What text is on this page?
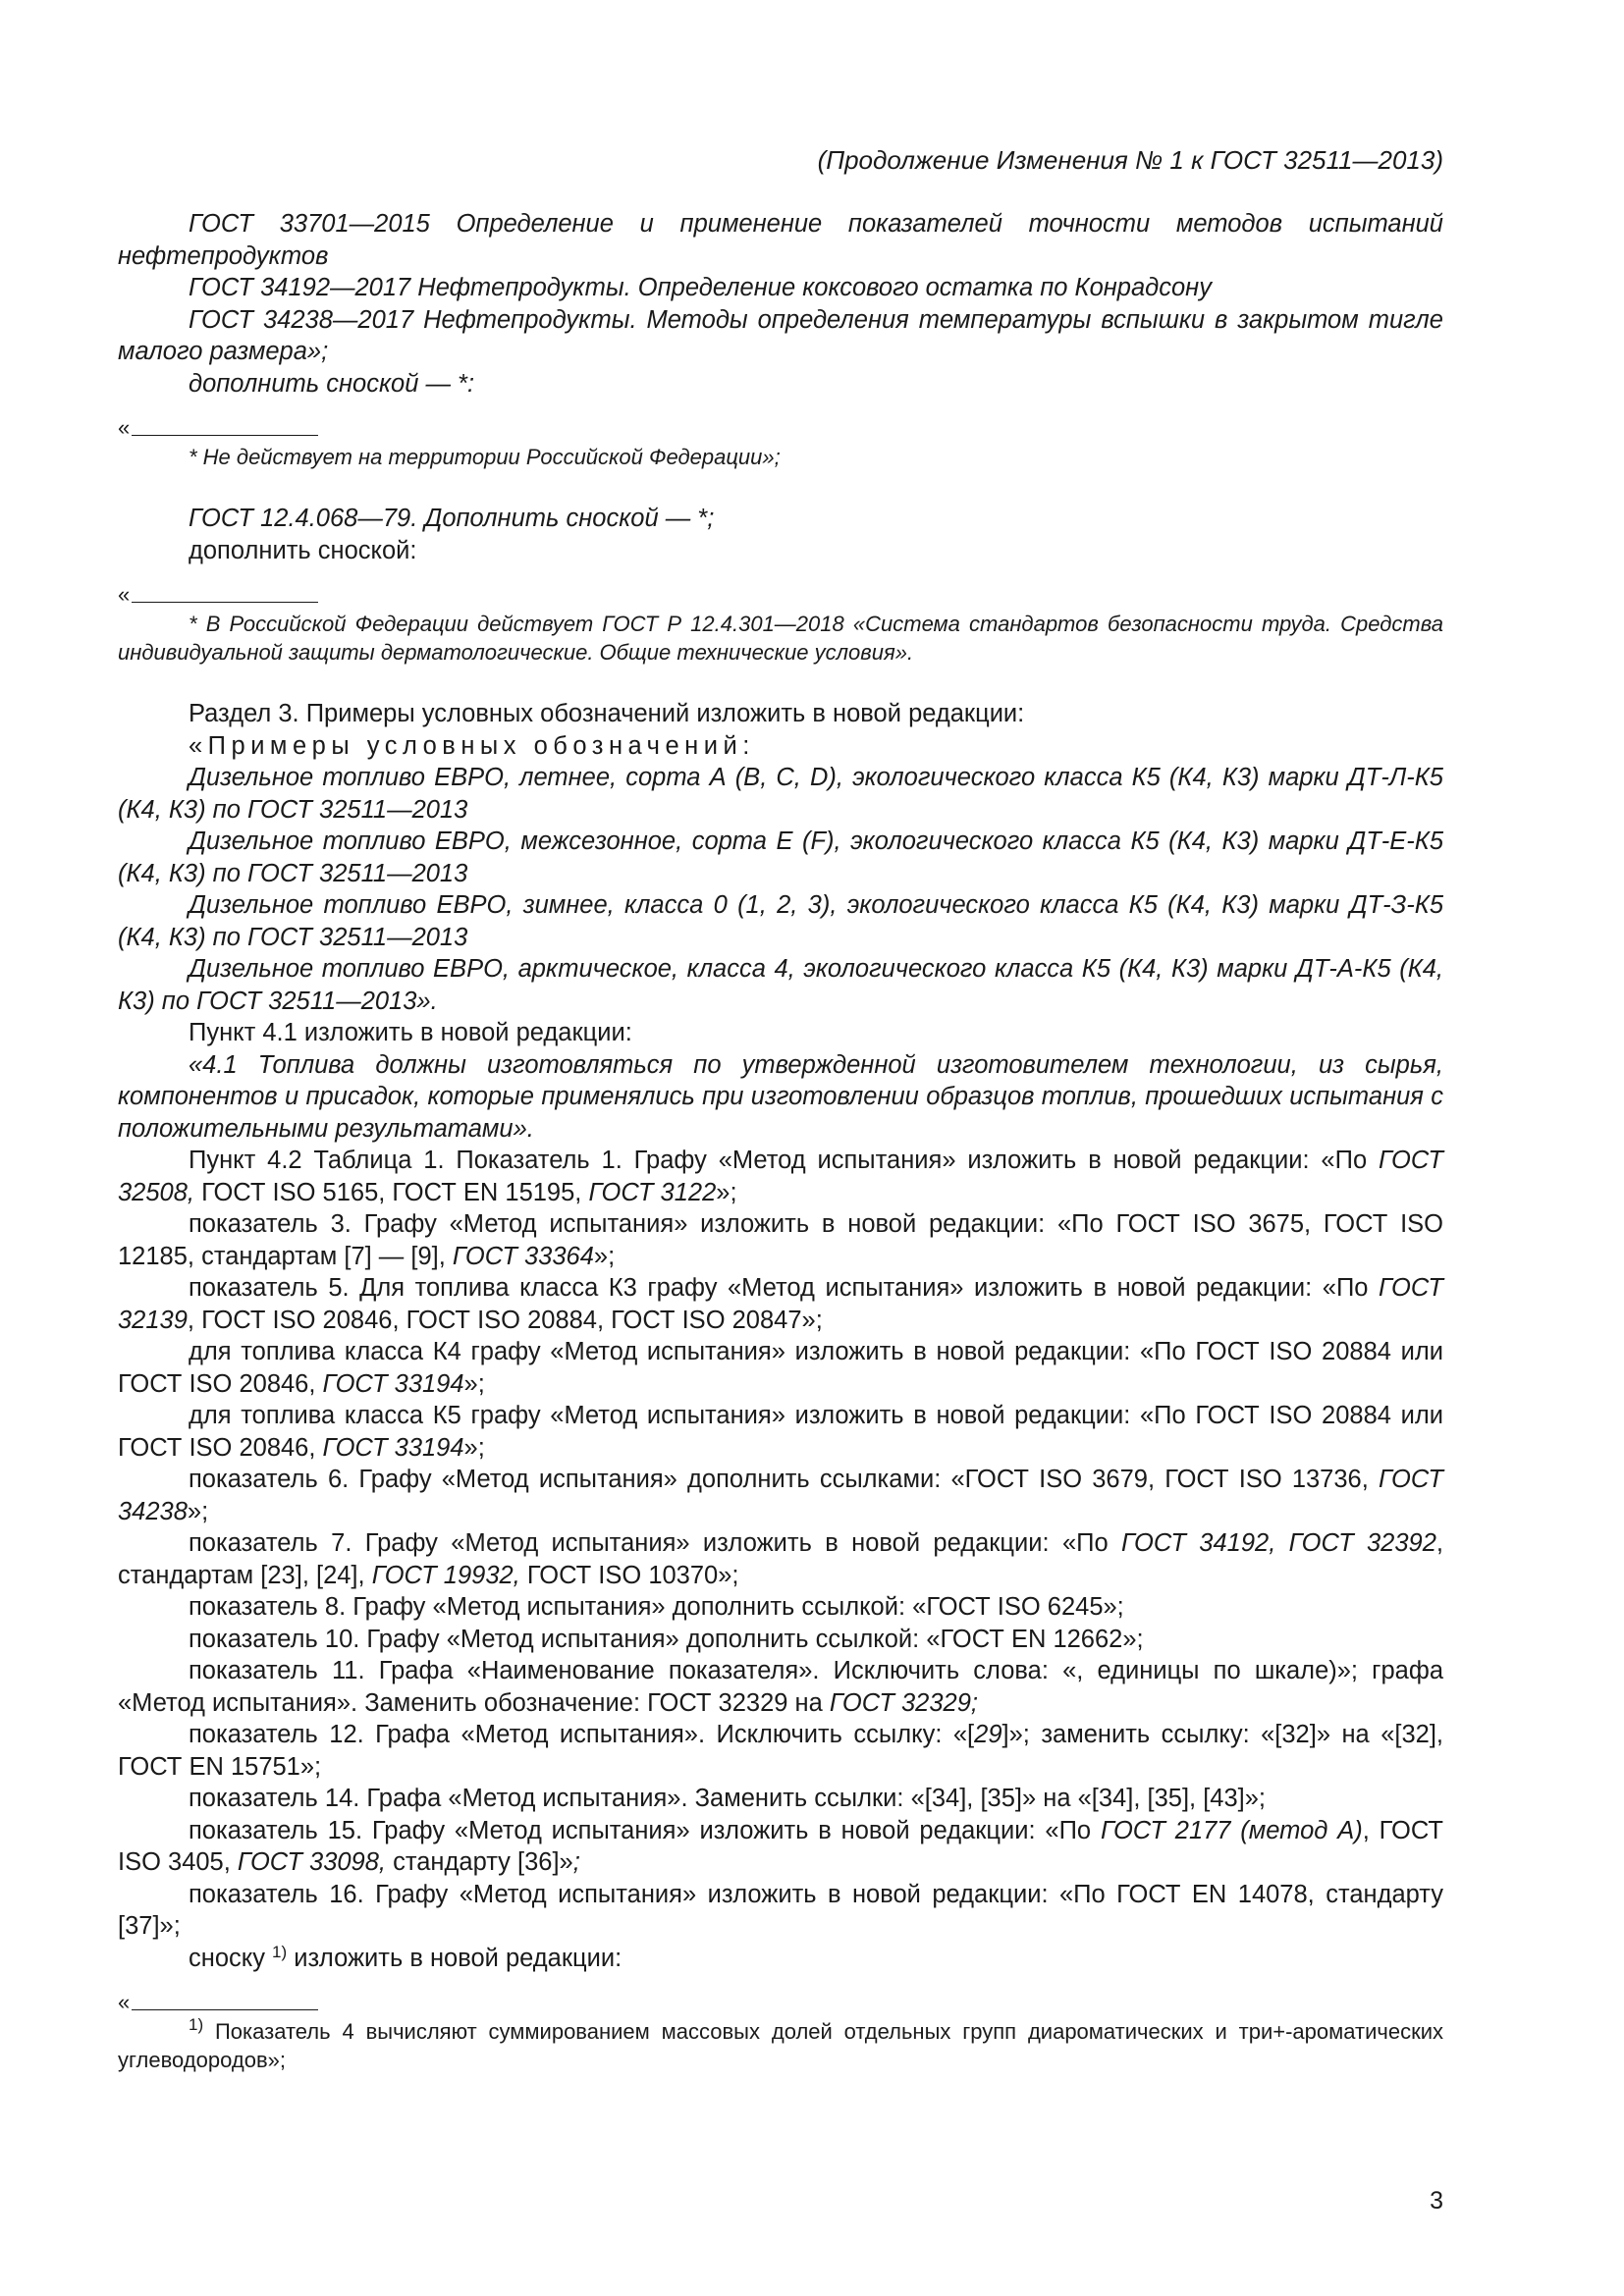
(Продолжение Изменения № 1 к ГОСТ 32511—2013)

ГОСТ 33701—2015 Определение и применение показателей точности методов испытаний нефтепродуктов

ГОСТ 34192—2017 Нефтепродукты. Определение коксового остатка по Конрадсону

ГОСТ 34238—2017 Нефтепродукты. Методы определения температуры вспышки в закрытом тигле малого размера»;

дополнить сноской — *:

«

* Не действует на территории Российской Федерации»;

ГОСТ 12.4.068—79. Дополнить сноской — *;

дополнить сноской:

«

* В Российской Федерации действует ГОСТ Р 12.4.301—2018 «Система стандартов безопасности труда. Средства индивидуальной защиты дерматологические. Общие технические условия».

Раздел 3. Примеры условных обозначений изложить в новой редакции:

«Примеры условных обозначений:

Дизельное топливо ЕВРО, летнее, сорта А (В, С, D), экологического класса К5 (К4, К3) марки ДТ-Л-К5 (К4, К3) по ГОСТ 32511—2013

Дизельное топливо ЕВРО, межсезонное, сорта Е (F), экологического класса К5 (К4, К3) марки ДТ-Е-К5 (К4, К3) по ГОСТ 32511—2013

Дизельное топливо ЕВРО, зимнее, класса 0 (1, 2, 3), экологического класса К5 (К4, К3) марки ДТ-З-К5 (К4, К3) по ГОСТ 32511—2013

Дизельное топливо ЕВРО, арктическое, класса 4, экологического класса К5 (К4, К3) марки ДТ-А-К5 (К4, К3) по ГОСТ 32511—2013».

Пункт 4.1 изложить в новой редакции:

«4.1 Топлива должны изготовляться по утвержденной изготовителем технологии, из сырья, компонентов и присадок, которые применялись при изготовлении образцов топлив, прошедших испытания с положительными результатами».

Пункт 4.2 Таблица 1. Показатель 1. Графу «Метод испытания» изложить в новой редакции: «По ГОСТ 32508, ГОСТ ISO 5165, ГОСТ EN 15195, ГОСТ 3122»;

показатель 3. Графу «Метод испытания» изложить в новой редакции: «По ГОСТ ISO 3675, ГОСТ ISO 12185, стандартам [7] — [9], ГОСТ 33364»;

показатель 5. Для топлива класса К3 графу «Метод испытания» изложить в новой редакции: «По ГОСТ 32139, ГОСТ ISO 20846, ГОСТ ISO 20884, ГОСТ ISO 20847»;

для топлива класса К4 графу «Метод испытания» изложить в новой редакции: «По ГОСТ ISO 20884 или ГОСТ ISO 20846, ГОСТ 33194»;

для топлива класса К5 графу «Метод испытания» изложить в новой редакции: «По ГОСТ ISO 20884 или ГОСТ ISO 20846, ГОСТ 33194»;

показатель 6. Графу «Метод испытания» дополнить ссылками: «ГОСТ ISO 3679, ГОСТ ISO 13736, ГОСТ 34238»;

показатель 7. Графу «Метод испытания» изложить в новой редакции: «По ГОСТ 34192, ГОСТ 32392, стандартам [23], [24], ГОСТ 19932, ГОСТ ISO 10370»;

показатель 8. Графу «Метод испытания» дополнить ссылкой: «ГОСТ ISO 6245»;

показатель 10. Графу «Метод испытания» дополнить ссылкой: «ГОСТ EN 12662»;

показатель 11. Графа «Наименование показателя». Исключить слова: «, единицы по шкале)»; графа «Метод испытания». Заменить обозначение: ГОСТ 32329 на ГОСТ 32329;

показатель 12. Графа «Метод испытания». Исключить ссылку: «[29]»; заменить ссылку: «[32]» на «[32], ГОСТ EN 15751»;

показатель 14. Графа «Метод испытания». Заменить ссылки: «[34], [35]» на «[34], [35], [43]»;

показатель 15. Графу «Метод испытания» изложить в новой редакции: «По ГОСТ 2177 (метод А), ГОСТ ISO 3405, ГОСТ 33098, стандарту [36]»;

показатель 16. Графу «Метод испытания» изложить в новой редакции: «По ГОСТ EN 14078, стандарту [37]»;

сноску $^{1)}$ изложить в новой редакции:

«

$^{1)}$ Показатель 4 вычисляют суммированием массовых долей отдельных групп диароматических и три+-ароматических углеводородов»;

3
